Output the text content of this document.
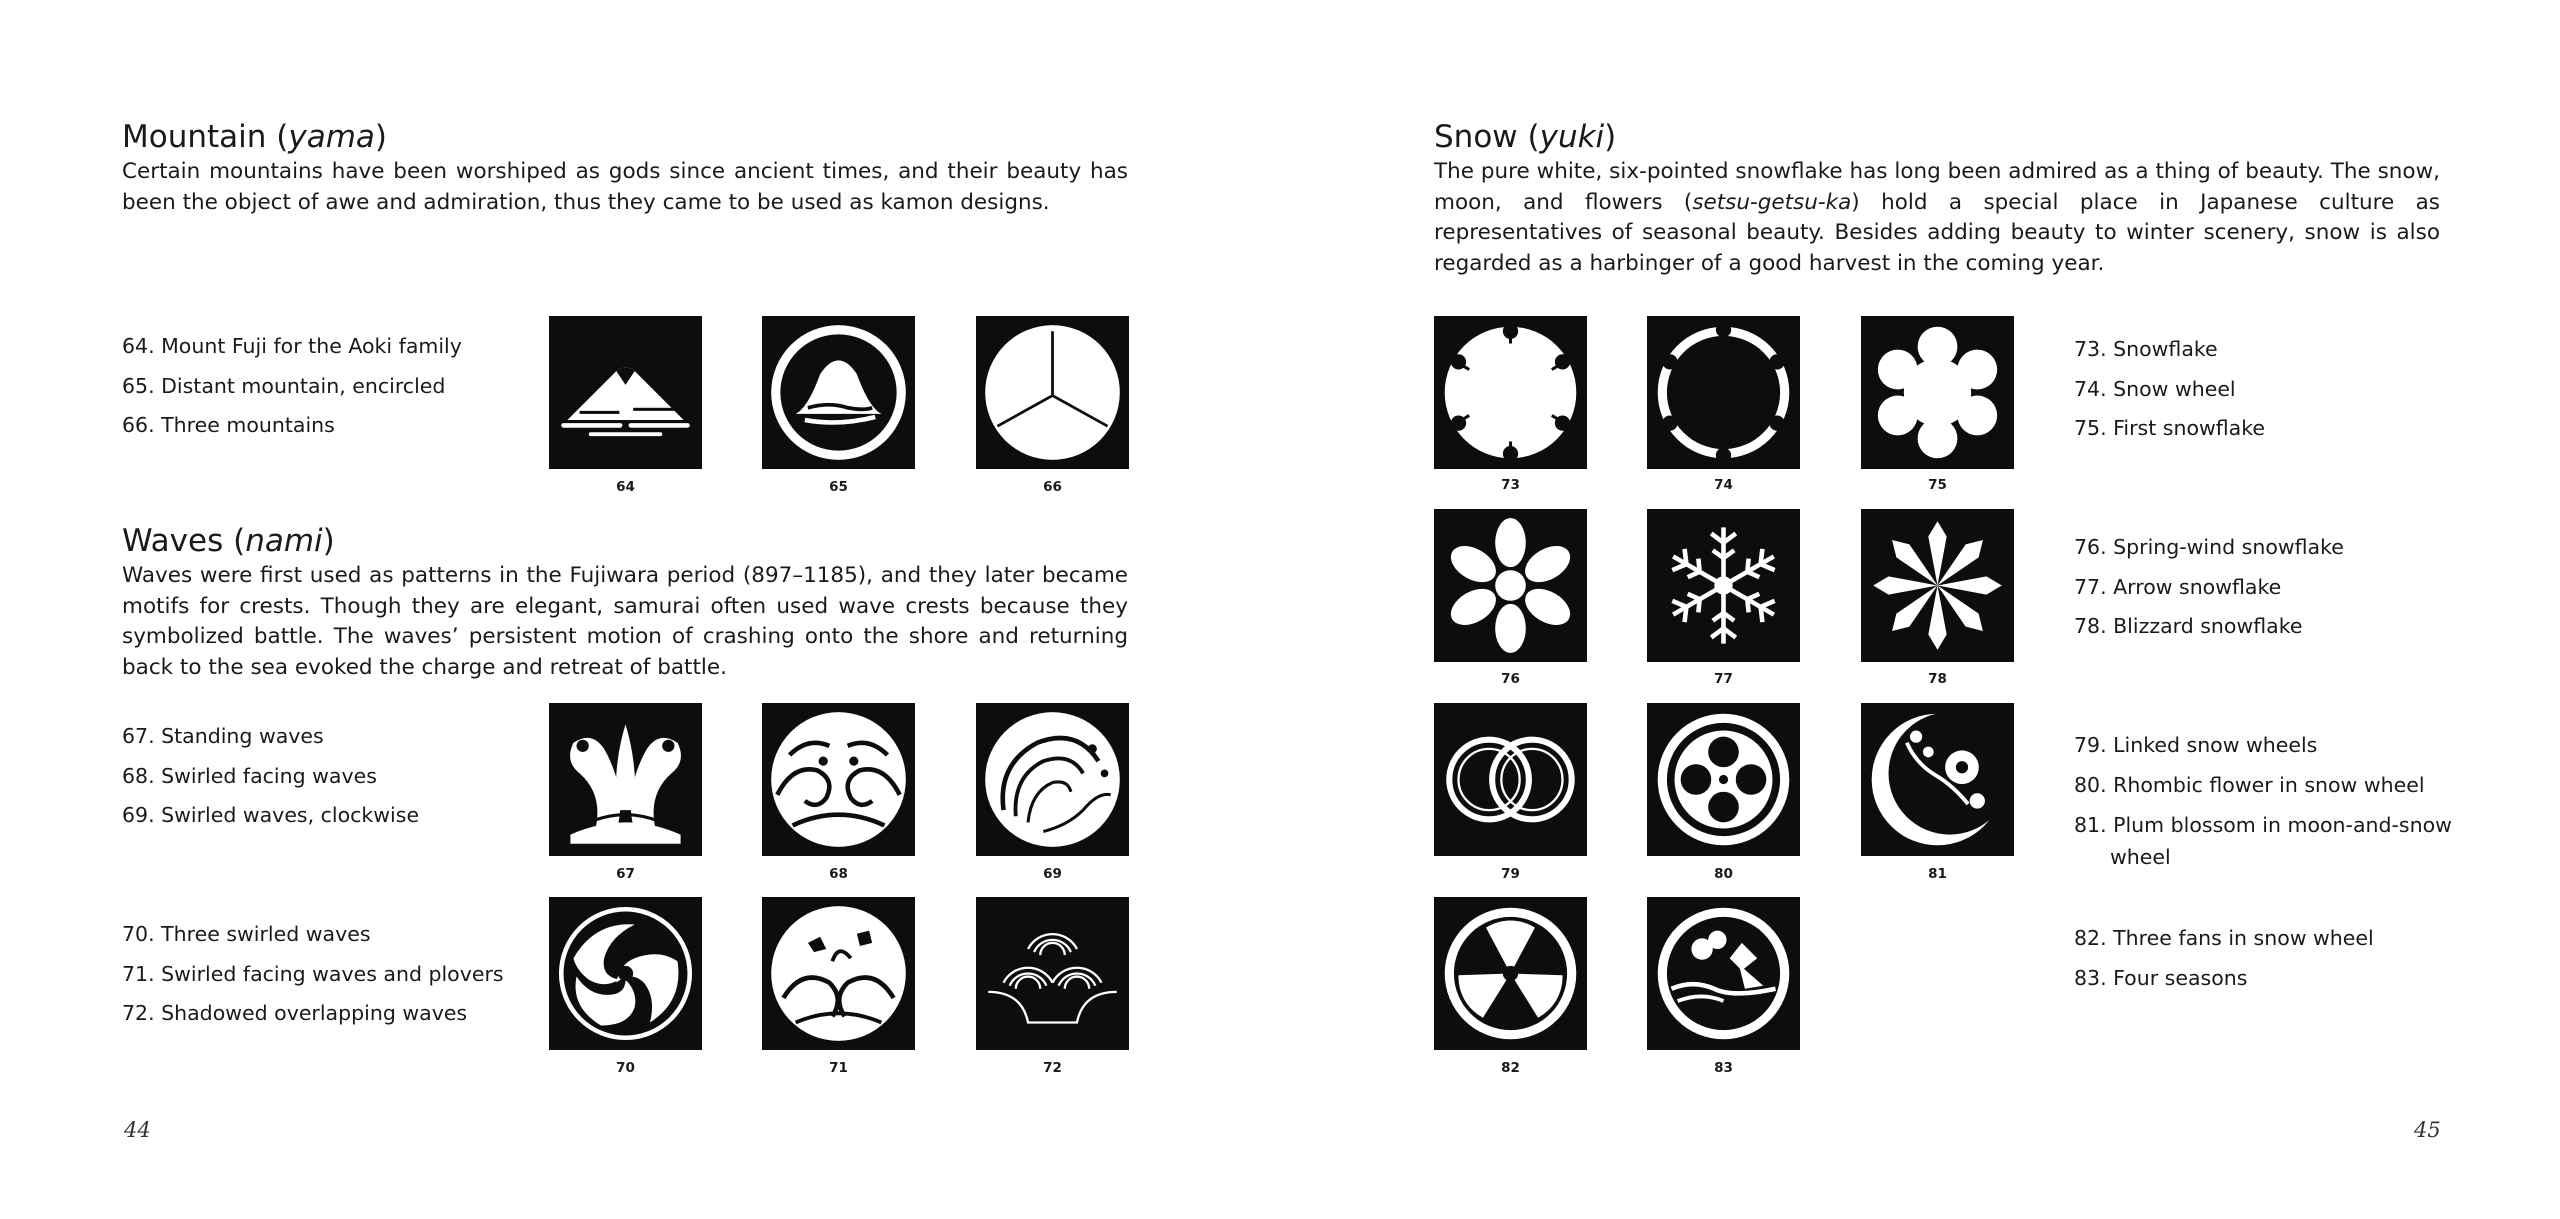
Mountain (yama)

Certain mountains have been worshiped as gods since ancient times, and their beauty has been the object of awe and admiration, thus they came to be used as kamon designs.

64. Mount Fuji for the Aoki family
65. Distant mountain, encircled
66. Three mountains
Waves (nami)

Waves were first used as patterns in the Fujiwara period (897–1185), and they later became motifs for crests. Though they are elegant, samurai often used wave crests because they symbolized battle. The waves’ persistent motion of crashing onto the shore and returning back to the sea evoked the charge and retreat of battle.

67. Standing waves
68. Swirled facing waves
69. Swirled waves, clockwise
70. Three swirled waves
71. Swirled facing waves and plovers
72. Shadowed overlapping waves
44
Snow (yuki)

The pure white, six-pointed snowflake has long been admired as a thing of beauty. The snow, moon, and flowers (setsu-getsu-ka) hold a special place in Japanese culture as representatives of seasonal beauty. Besides adding beauty to winter scenery, snow is also regarded as a harbinger of a good harvest in the coming year.

73. Snowflake
74. Snow wheel
75. First snowflake
76. Spring-wind snowflake
77. Arrow snowflake
78. Blizzard snowflake
79. Linked snow wheels
80. Rhombic flower in snow wheel
81. Plum blossom in moon-and-snow wheel
82. Three fans in snow wheel
83. Four seasons
45
64	65	66
67	68	69
70	71	72
73	74	75
76	77	78
79	80	81
82	83
